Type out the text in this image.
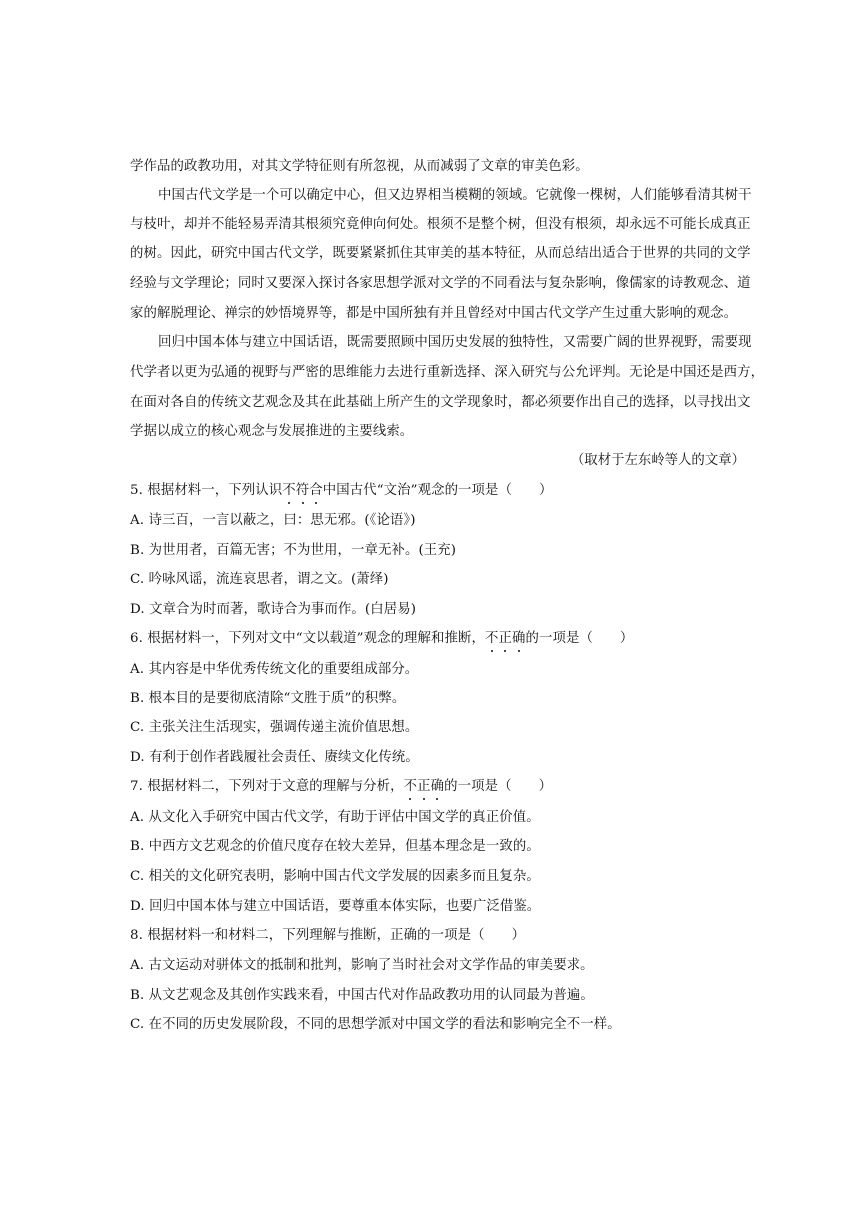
学作品的政教功用，对其文学特征则有所忽视，从而减弱了文章的审美色彩。
中国古代文学是一个可以确定中心，但又边界相当模糊的领域。它就像一棵树，人们能够看清其树干
与枝叶，却并不能轻易弄清其根须究竟伸向何处。根须不是整个树，但没有根须，却永远不可能长成真正
的树。因此，研究中国古代文学，既要紧紧抓住其审美的基本特征，从而总结出适合于世界的共同的文学
经验与文学理论；同时又要深入探讨各家思想学派对文学的不同看法与复杂影响，像儒家的诗教观念、道
家的解脱理论、禅宗的妙悟境界等，都是中国所独有并且曾经对中国古代文学产生过重大影响的观念。
回归中国本体与建立中国话语，既需要照顾中国历史发展的独特性，又需要广阔的世界视野，需要现
代学者以更为弘通的视野与严密的思维能力去进行重新选择、深入研究与公允评判。无论是中国还是西方，
在面对各自的传统文艺观念及其在此基础上所产生的文学现象时，都必须要作出自己的选择，以寻找出文
学据以成立的核心观念与发展推进的主要线索。
（取材于左东岭等人的文章）
5. 根据材料一，下列认识不符合中国古代“文治”观念的一项是（　　）
A. 诗三百，一言以蔽之，曰：思无邪。(《论语》)
B. 为世用者，百篇无害；不为世用，一章无补。(王充)
C. 吟咏风谣，流连哀思者，谓之文。(萧绎)
D. 文章合为时而著，歌诗合为事而作。(白居易)
6. 根据材料一，下列对文中“文以载道”观念的理解和推断，不正确的一项是（　　）
A. 其内容是中华优秀传统文化的重要组成部分。
B. 根本目的是要彻底清除“文胜于质”的积弊。
C. 主张关注生活现实，强调传递主流价值思想。
D. 有利于创作者践履社会责任、赓续文化传统。
7. 根据材料二，下列对于文意的理解与分析，不正确的一项是（　　）
A. 从文化入手研究中国古代文学，有助于评估中国文学的真正价值。
B. 中西方文艺观念的价值尺度存在较大差异，但基本理念是一致的。
C. 相关的文化研究表明，影响中国古代文学发展的因素多而且复杂。
D. 回归中国本体与建立中国话语，要尊重本体实际，也要广泛借鉴。
8. 根据材料一和材料二，下列理解与推断，正确的一项是（　　）
A. 古文运动对骈体文的抵制和批判，影响了当时社会对文学作品的审美要求。
B. 从文艺观念及其创作实践来看，中国古代对作品政教功用的认同最为普遍。
C. 在不同的历史发展阶段，不同的思想学派对中国文学的看法和影响完全不一样。
